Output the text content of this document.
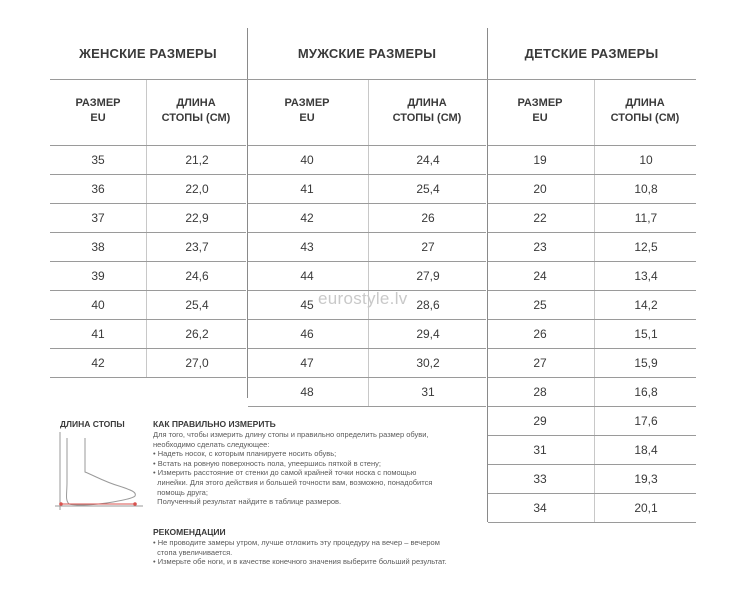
ЖЕНСКИЕ РАЗМЕРЫ	МУЖСКИЕ РАЗМЕРЫ	ДЕТСКИЕ РАЗМЕРЫ
РАЗМЕР
EU
ДЛИНА
СТОПЫ (СМ)
РАЗМЕР
EU
ДЛИНА
СТОПЫ (СМ)
РАЗМЕР
EU
ДЛИНА
СТОПЫ (СМ)
35	21,2
36	22,0
37	22,9
38	23,7
39	24,6
40	25,4
41	26,2
42	27,0
40	24,4
41	25,4
42	26
43	27
44	27,9
45	28,6
46	29,4
47	30,2
48	31
19	10
20	10,8
22	11,7
23	12,5
24	13,4
25	14,2
26	15,1
27	15,9
28	16,8
29	17,6
31	18,4
33	19,3
34	20,1
eurostyle.lv
ДЛИНА СТОПЫ	КАК ПРАВИЛЬНО ИЗМЕРИТЬ
Для того, чтобы измерить длину стопы и правильно определить размер обуви,
необходимо сделать следующее:
• Надеть носок, с которым планируете носить обувь;
• Встать на ровную поверхность пола, упеершись пяткой в стену;
• Измерить расстояние от стенки до самой крайней точки носка с помощью
линейки. Для этого действия и большей точности вам, возможно, понадобится
помощь друга;
Полученный результат найдите в таблице размеров.
РЕКОМЕНДАЦИИ
• Не проводите замеры утром, лучше отложить эту процедуру на вечер – вечером
стопа увеличивается.
• Измерьте обе ноги, и в качестве конечного значения выберите больший результат.
